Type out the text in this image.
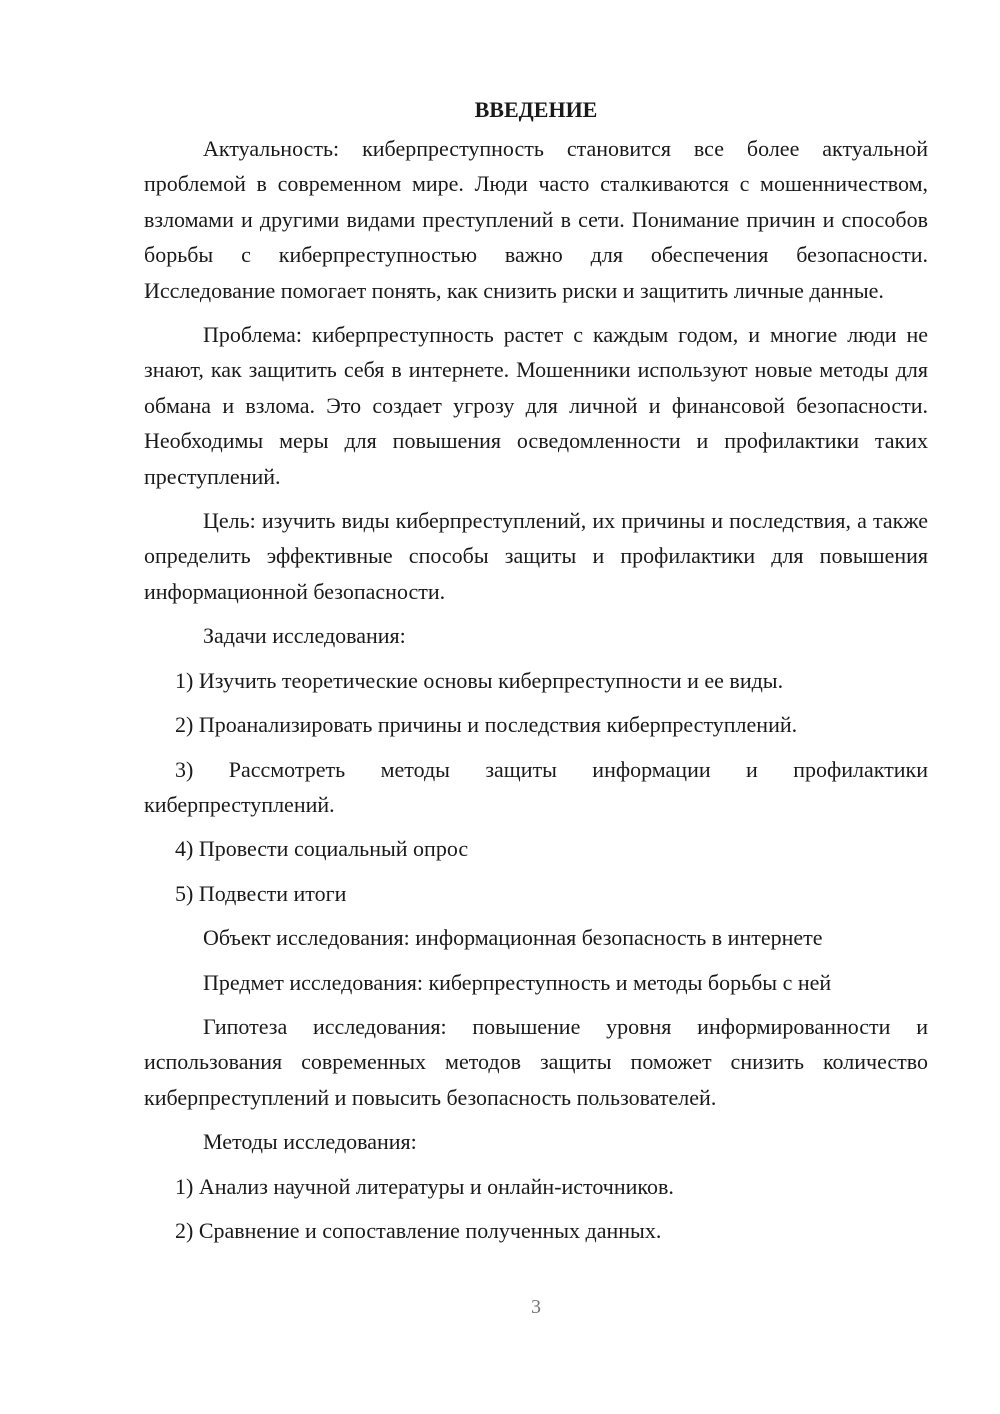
ВВЕДЕНИЕ

Актуальность: киберпреступность становится все более актуальной проблемой в современном мире. Люди часто сталкиваются с мошенничеством, взломами и другими видами преступлений в сети. Понимание причин и способов борьбы с киберпреступностью важно для обеспечения безопасности. Исследование помогает понять, как снизить риски и защитить личные данные.

Проблема: киберпреступность растет с каждым годом, и многие люди не знают, как защитить себя в интернете. Мошенники используют новые методы для обмана и взлома. Это создает угрозу для личной и финансовой безопасности. Необходимы меры для повышения осведомленности и профилактики таких преступлений.

Цель: изучить виды киберпреступлений, их причины и последствия, а также определить эффективные способы защиты и профилактики для повышения информационной безопасности.

Задачи исследования:

1) Изучить теоретические основы киберпреступности и ее виды.

2) Проанализировать причины и последствия киберпреступлений.

3) Рассмотреть методы защиты информации и профилактики киберпреступлений.

4) Провести социальный опрос

5) Подвести итоги

Объект исследования: информационная безопасность в интернете

Предмет исследования: киберпреступность и методы борьбы с ней

Гипотеза исследования: повышение уровня информированности и использования современных методов защиты поможет снизить количество киберпреступлений и повысить безопасность пользователей.

Методы исследования:

1) Анализ научной литературы и онлайн-источников.

2) Сравнение и сопоставление полученных данных.

3
